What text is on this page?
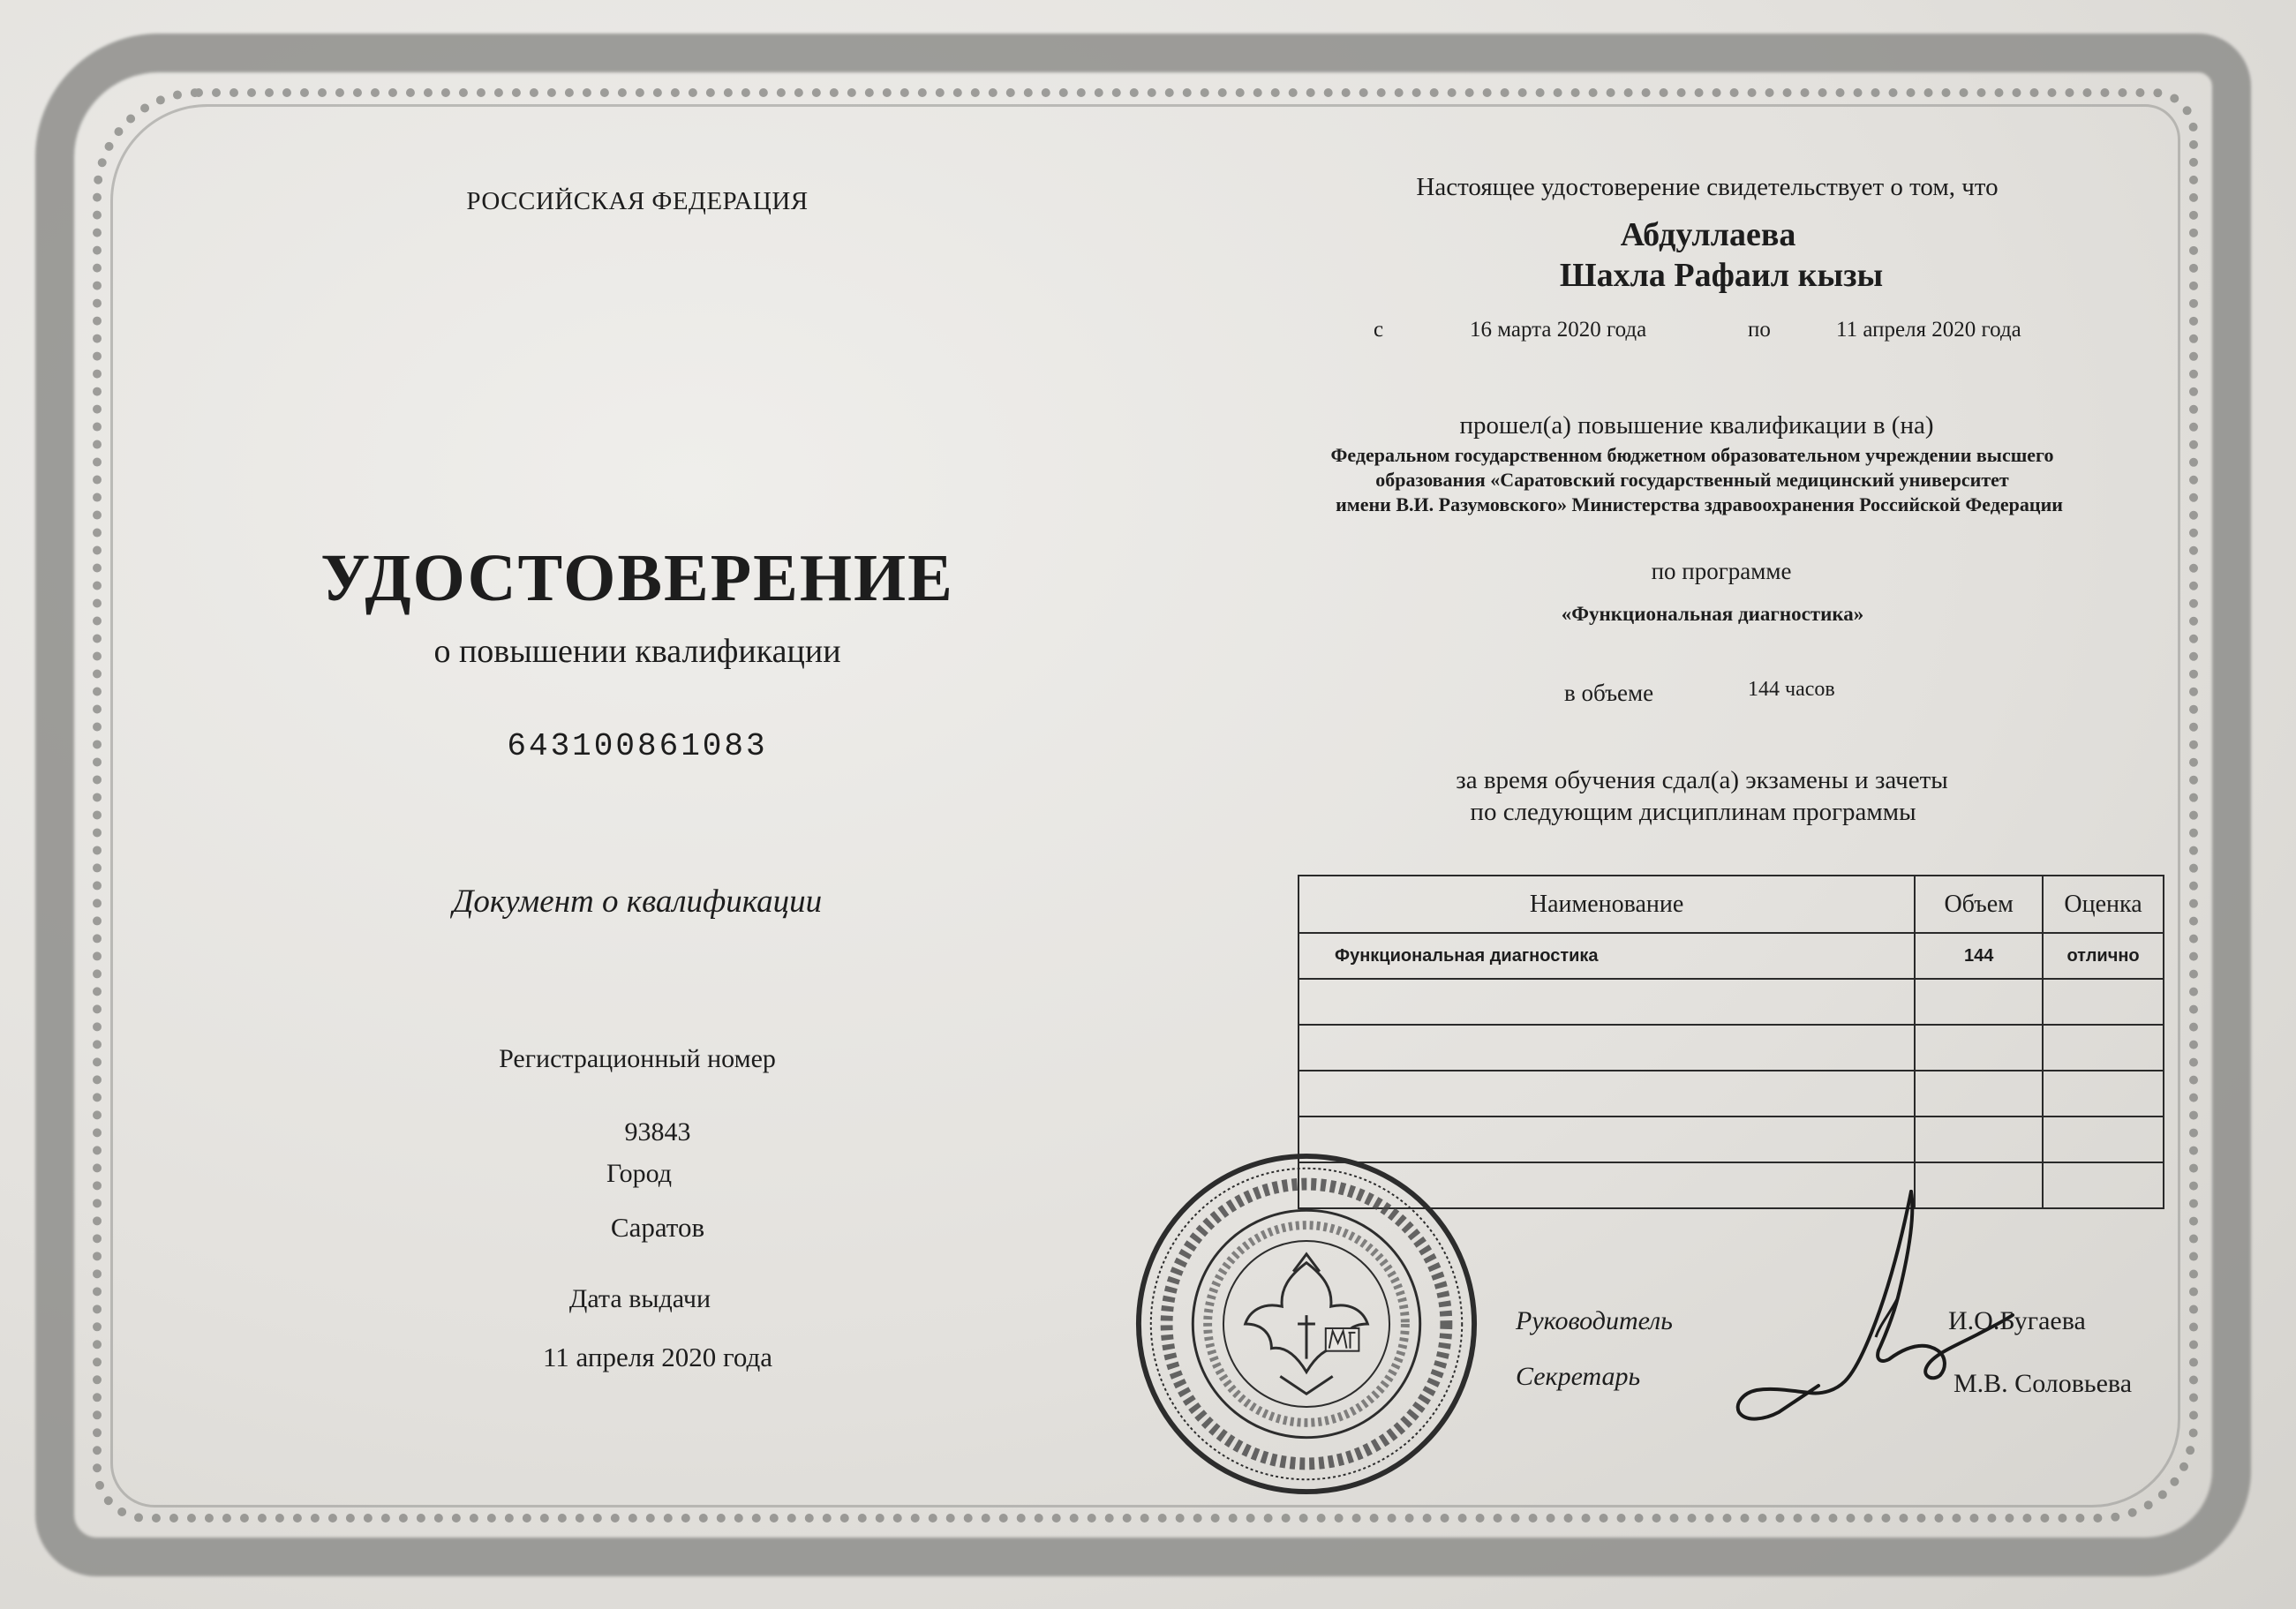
РОССИЙСКАЯ ФЕДЕРАЦИЯ
УДОСТОВЕРЕНИЕ
о повышении квалификации
643100861083
Документ о квалификации
Регистрационный номер
93843
Город
Саратов
Дата выдачи
11 апреля 2020 года
Настоящее удостоверение свидетельствует о том, что
Абдуллаева
Шахла Рафаил кызы
с	16 марта 2020 года	по	11 апреля 2020 года
прошел(а) повышение квалификации в (на)
Федеральном государственном бюджетном образовательном учреждении высшего
образования «Саратовский государственный медицинский университет
имени В.И. Разумовского» Министерства здравоохранения Российской Федерации
по программе
«Функциональная диагностика»
в объеме	144 часов
за время обучения сдал(а) экзамены и зачеты
по следующим дисциплинам программы
Наименование	Объем	Оценка
Функциональная диагностика	144	отлично

Руководитель
Секретарь
И.О.Бугаева
М.В. Соловьева
